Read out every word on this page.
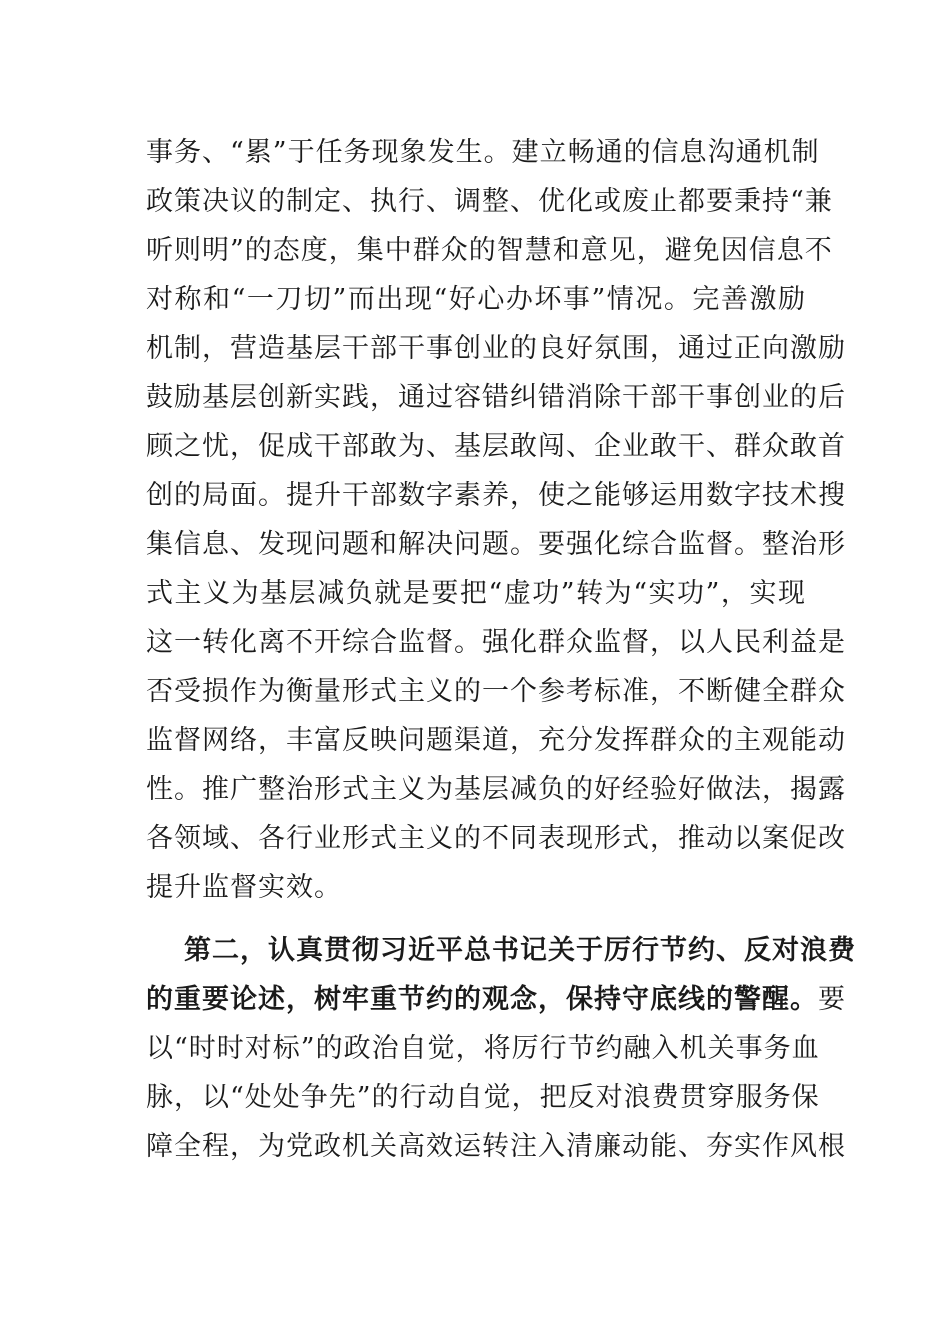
事务、“累”于任务现象发生。建立畅通的信息沟通机制
政策决议的制定、执行、调整、优化或废止都要秉持“兼
听则明”的态度，集中群众的智慧和意见，避免因信息不
对称和“一刀切”而出现“好心办坏事”情况。完善激励
机制，营造基层干部干事创业的良好氛围，通过正向激励
鼓励基层创新实践，通过容错纠错消除干部干事创业的后
顾之忧，促成干部敢为、基层敢闯、企业敢干、群众敢首
创的局面。提升干部数字素养，使之能够运用数字技术搜
集信息、发现问题和解决问题。要强化综合监督。整治形
式主义为基层减负就是要把“虚功”转为“实功”，实现
这一转化离不开综合监督。强化群众监督，以人民利益是
否受损作为衡量形式主义的一个参考标准，不断健全群众
监督网络，丰富反映问题渠道，充分发挥群众的主观能动
性。推广整治形式主义为基层减负的好经验好做法，揭露
各领域、各行业形式主义的不同表现形式，推动以案促改
提升监督实效。
第二，认真贯彻习近平总书记关于厉行节约、反对浪费
的重要论述，树牢重节约的观念，保持守底线的警醒。要
以“时时对标”的政治自觉，将厉行节约融入机关事务血
脉，以“处处争先”的行动自觉，把反对浪费贯穿服务保
障全程，为党政机关高效运转注入清廉动能、夯实作风根
